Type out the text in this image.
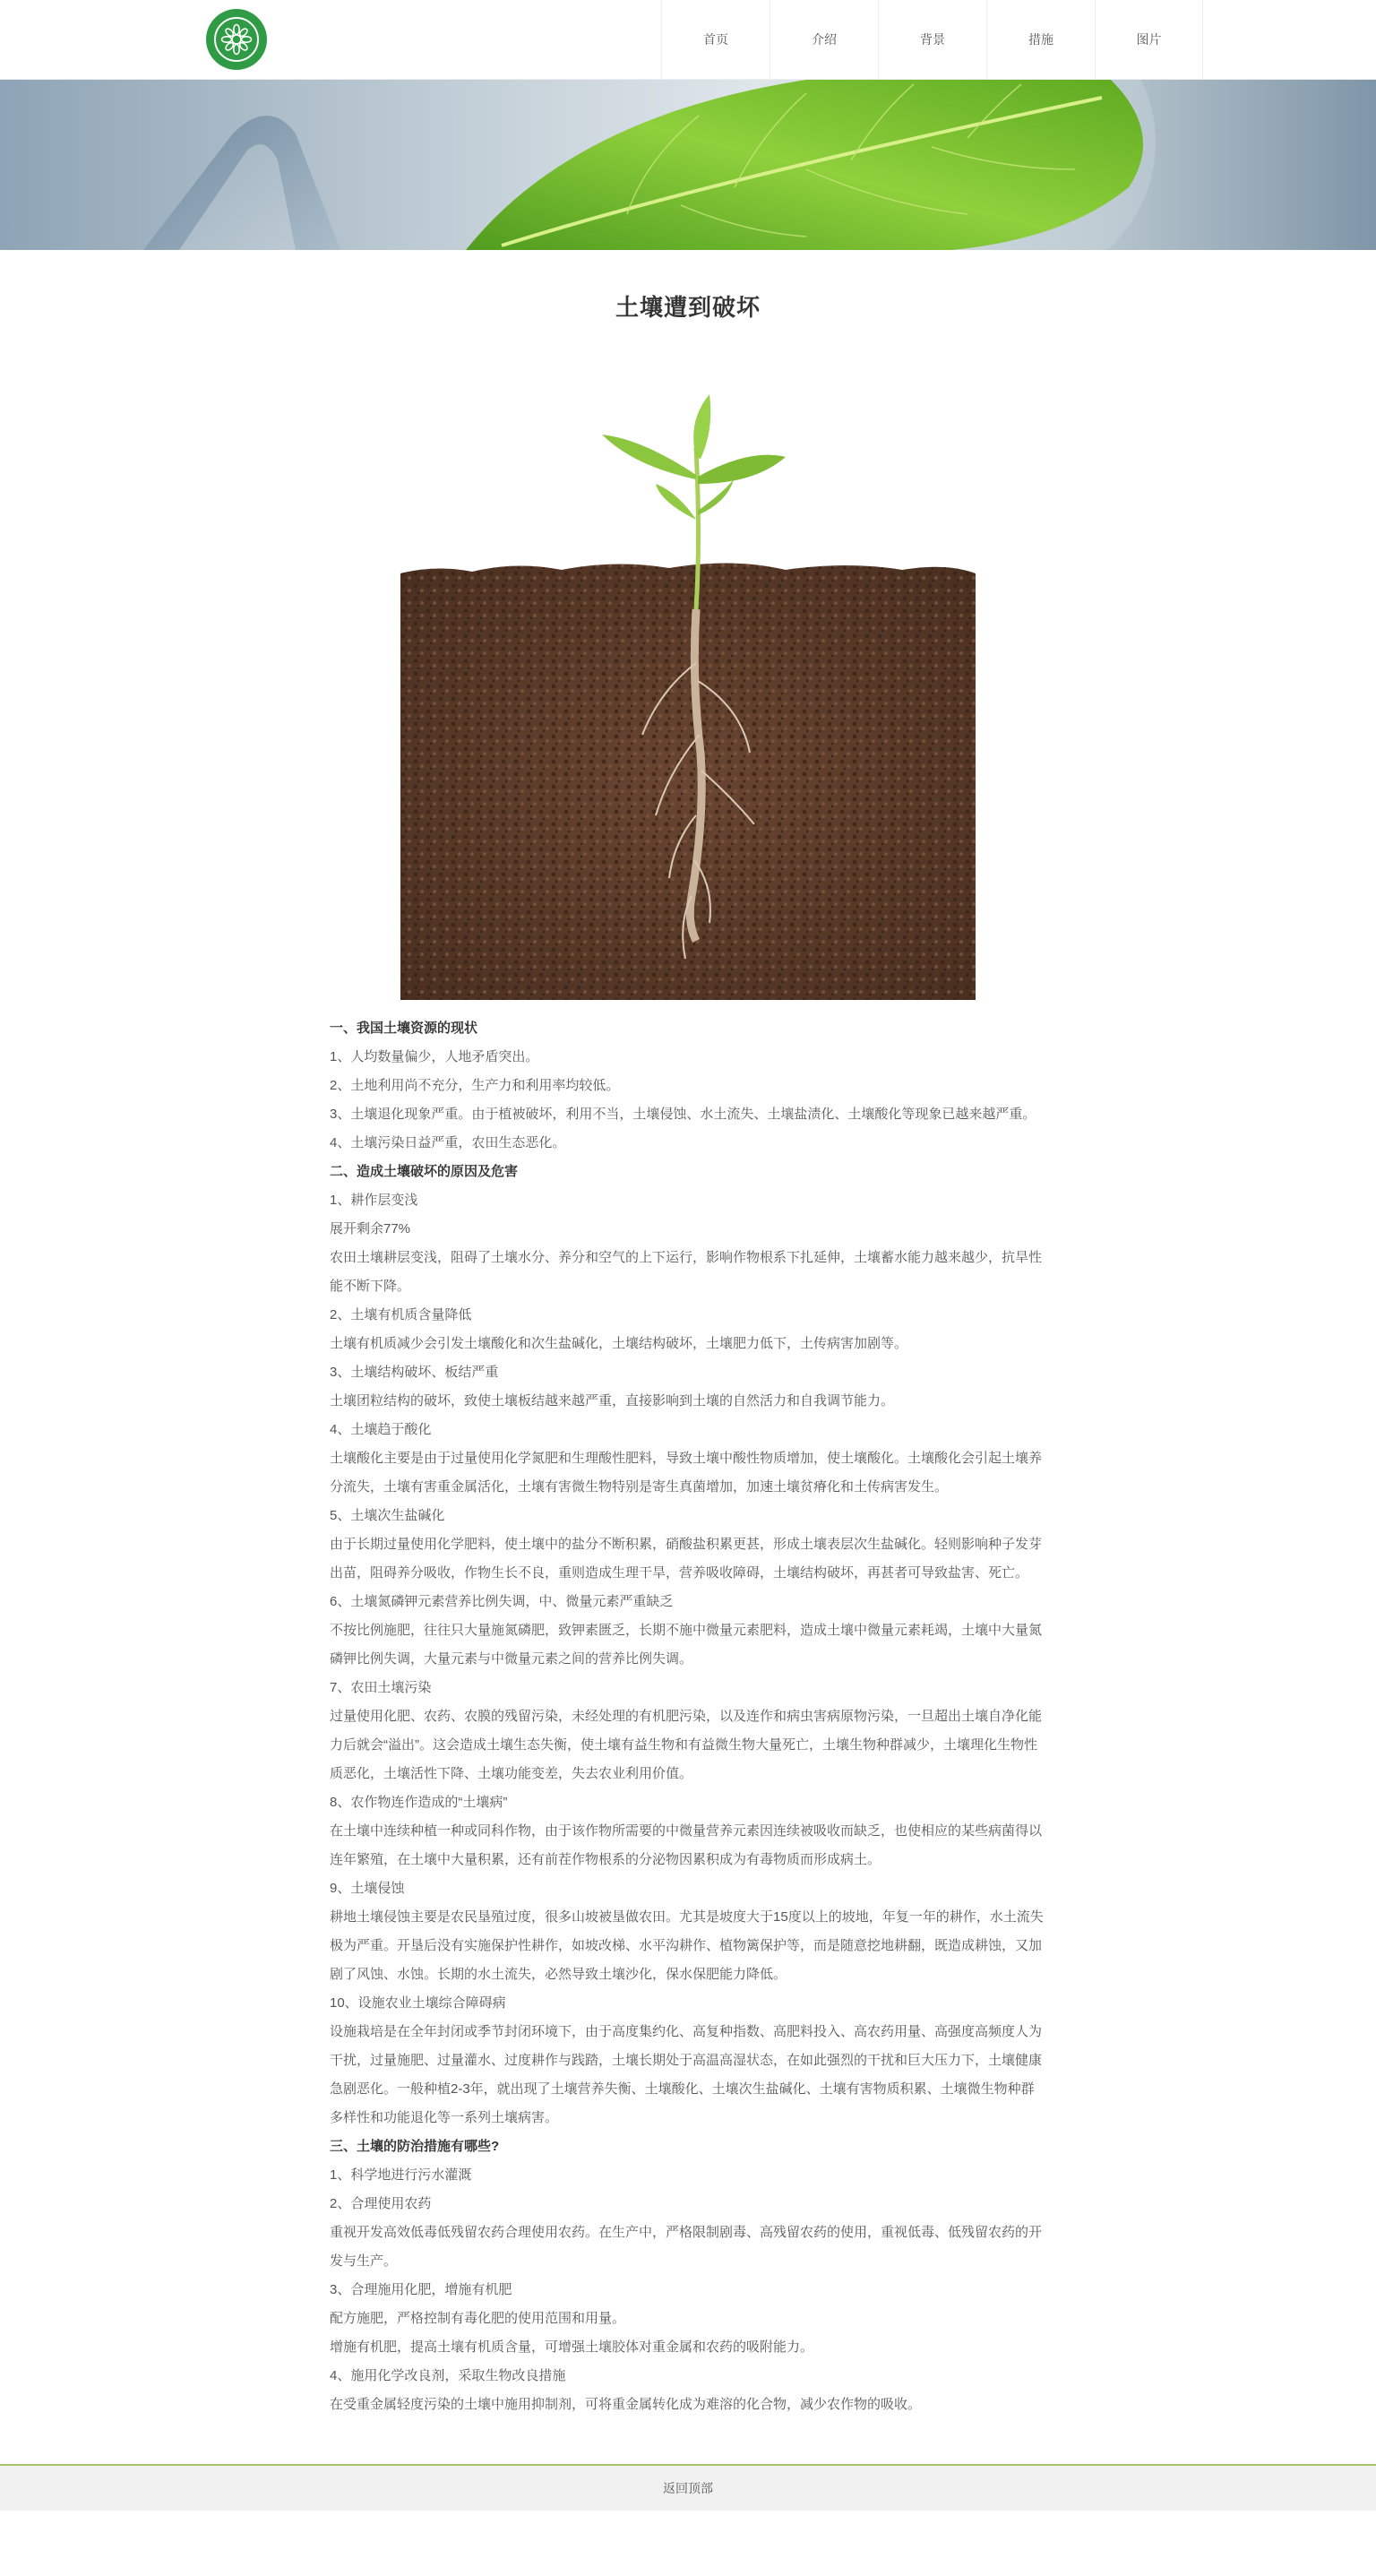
首页	介绍	背景	措施	图片
土壤遭到破坏

一、我国土壤资源的现状

1、人均数量偏少，人地矛盾突出。

2、土地利用尚不充分，生产力和利用率均较低。

3、土壤退化现象严重。由于植被破坏，利用不当，土壤侵蚀、水土流失、土壤盐渍化、土壤酸化等现象已越来越严重。

4、土壤污染日益严重，农田生态恶化。

二、造成土壤破坏的原因及危害

1、耕作层变浅

展开剩余77%

农田土壤耕层变浅，阻碍了土壤水分、养分和空气的上下运行，影响作物根系下扎延伸，土壤蓄水能力越来越少，抗旱性能不断下降。

2、土壤有机质含量降低

土壤有机质减少会引发土壤酸化和次生盐碱化，土壤结构破坏，土壤肥力低下，土传病害加剧等。

3、土壤结构破坏、板结严重

土壤团粒结构的破坏，致使土壤板结越来越严重，直接影响到土壤的自然活力和自我调节能力。

4、土壤趋于酸化

土壤酸化主要是由于过量使用化学氮肥和生理酸性肥料，导致土壤中酸性物质增加，使土壤酸化。土壤酸化会引起土壤养分流失，土壤有害重金属活化，土壤有害微生物特别是寄生真菌增加，加速土壤贫瘠化和土传病害发生。

5、土壤次生盐碱化

由于长期过量使用化学肥料，使土壤中的盐分不断积累，硝酸盐积累更甚，形成土壤表层次生盐碱化。轻则影响种子发芽出苗，阻碍养分吸收，作物生长不良，重则造成生理干旱，营养吸收障碍，土壤结构破坏，再甚者可导致盐害、死亡。

6、土壤氮磷钾元素营养比例失调，中、微量元素严重缺乏

不按比例施肥，往往只大量施氮磷肥，致钾素匮乏，长期不施中微量元素肥料，造成土壤中微量元素耗竭，土壤中大量氮磷钾比例失调，大量元素与中微量元素之间的营养比例失调。

7、农田土壤污染

过量使用化肥、农药、农膜的残留污染，未经处理的有机肥污染，以及连作和病虫害病原物污染，一旦超出土壤自净化能力后就会“溢出”。这会造成土壤生态失衡，使土壤有益生物和有益微生物大量死亡，土壤生物种群减少，土壤理化生物性质恶化，土壤活性下降、土壤功能变差，失去农业利用价值。

8、农作物连作造成的“土壤病”

在土壤中连续种植一种或同科作物，由于该作物所需要的中微量营养元素因连续被吸收而缺乏，也使相应的某些病菌得以连年繁殖，在土壤中大量积累，还有前茬作物根系的分泌物因累积成为有毒物质而形成病土。

9、土壤侵蚀

耕地土壤侵蚀主要是农民垦殖过度，很多山坡被垦做农田。尤其是坡度大于15度以上的坡地，年复一年的耕作，水土流失极为严重。开垦后没有实施保护性耕作，如坡改梯、水平沟耕作、植物篱保护等，而是随意挖地耕翻，既造成耕蚀，又加剧了风蚀、水蚀。长期的水土流失，必然导致土壤沙化，保水保肥能力降低。

10、设施农业土壤综合障碍病

设施栽培是在全年封闭或季节封闭环境下，由于高度集约化、高复种指数、高肥料投入、高农药用量、高强度高频度人为干扰，过量施肥、过量灌水、过度耕作与践踏，土壤长期处于高温高湿状态，在如此强烈的干扰和巨大压力下，土壤健康急剧恶化。一般种植2-3年，就出现了土壤营养失衡、土壤酸化、土壤次生盐碱化、土壤有害物质积累、土壤微生物种群多样性和功能退化等一系列土壤病害。

三、土壤的防治措施有哪些?

1、科学地进行污水灌溉

2、合理使用农药

重视开发高效低毒低残留农药合理使用农药。在生产中，严格限制剧毒、高残留农药的使用，重视低毒、低残留农药的开发与生产。

3、合理施用化肥，增施有机肥

配方施肥，严格控制有毒化肥的使用范围和用量。

增施有机肥，提高土壤有机质含量，可增强土壤胶体对重金属和农药的吸附能力。

4、施用化学改良剂，采取生物改良措施

在受重金属轻度污染的土壤中施用抑制剂，可将重金属转化成为难溶的化合物，减少农作物的吸收。

返回顶部
